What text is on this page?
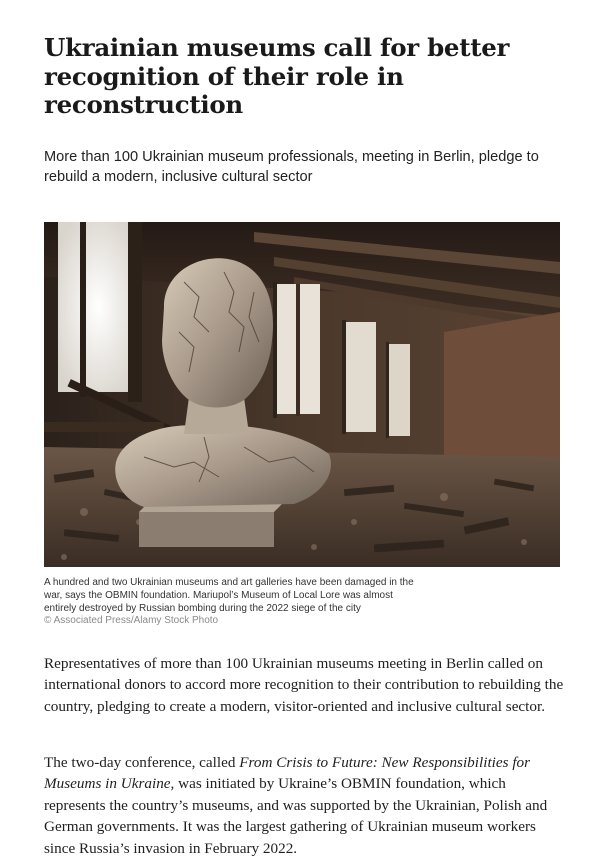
Ukrainian museums call for better recognition of their role in reconstruction

More than 100 Ukrainian museum professionals, meeting in Berlin, pledge to rebuild a modern, inclusive cultural sector

A hundred and two Ukrainian museums and art galleries have been damaged in the war, says the OBMIN foundation. Mariupol’s Museum of Local Lore was almost entirely destroyed by Russian bombing during the 2022 siege of the city
© Associated Press/Alamy Stock Photo

Representatives of more than 100 Ukrainian museums meeting in Berlin called on international donors to accord more recognition to their contribution to rebuilding the country, pledging to create a modern, visitor-oriented and inclusive cultural sector.

The two-day conference, called From Crisis to Future: New Responsibilities for Museums in Ukraine, was initiated by Ukraine’s OBMIN foundation, which represents the country’s museums, and was supported by the Ukrainian, Polish and German governments. It was the largest gathering of Ukrainian museum workers since Russia’s invasion in February 2022.
